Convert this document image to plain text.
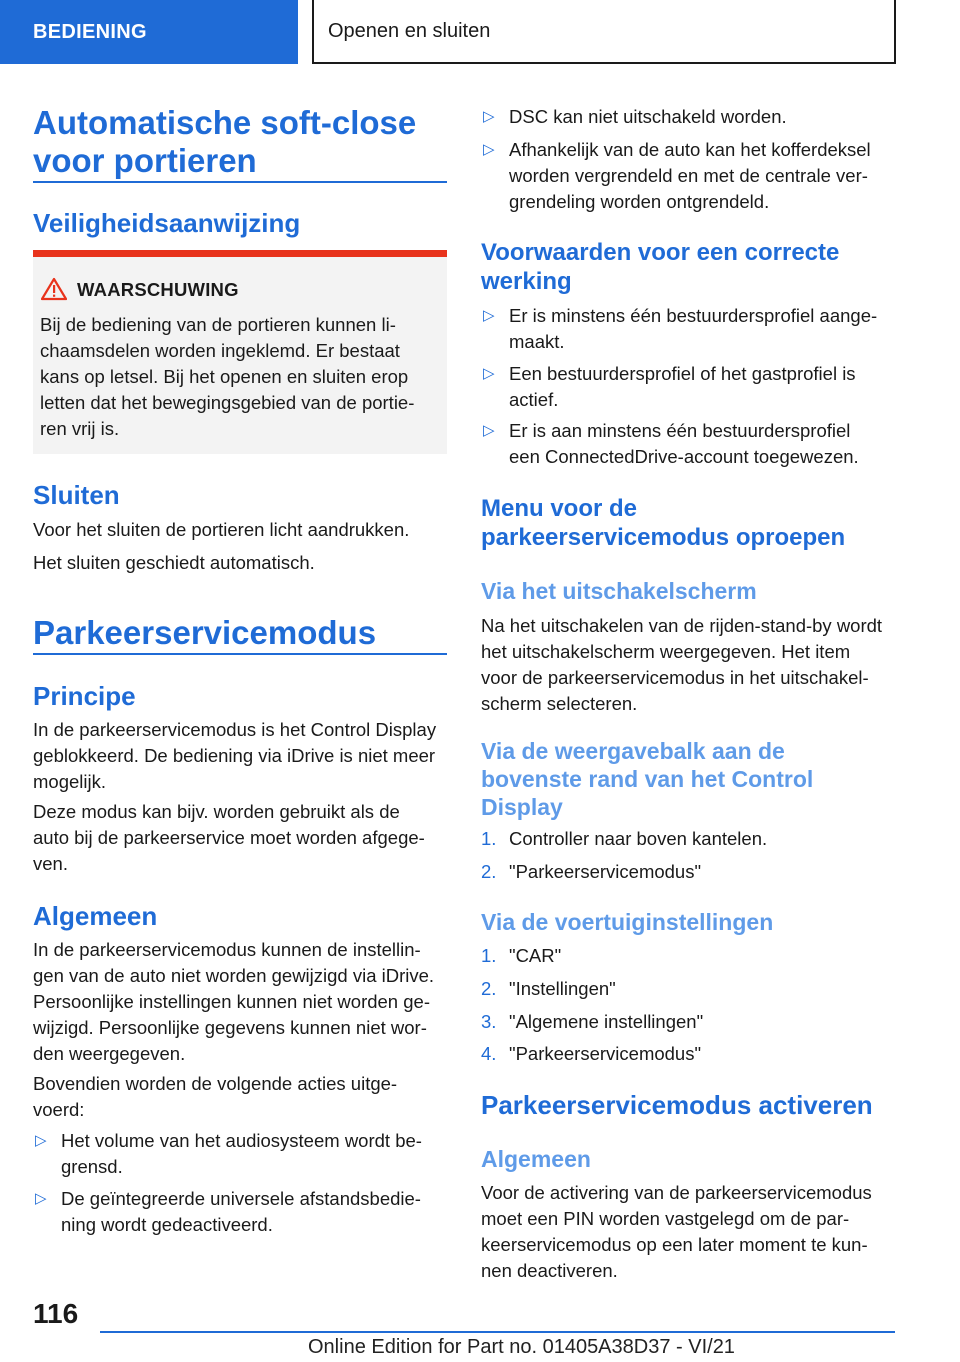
BEDIENING	Openen en sluiten
Automatische soft-close
voor portieren
Veiligheidsaanwijzing
WAARSCHUWING
Bij de bediening van de portieren kunnen li-
chaamsdelen worden ingeklemd. Er bestaat
kans op letsel. Bij het openen en sluiten erop
letten dat het bewegingsgebied van de portie-
ren vrij is.
Sluiten
Voor het sluiten de portieren licht aandrukken.
Het sluiten geschiedt automatisch.
Parkeerservicemodus
Principe
In de parkeerservicemodus is het Control Display
geblokkeerd. De bediening via iDrive is niet meer
mogelijk.
Deze modus kan bijv. worden gebruikt als de
auto bij de parkeerservice moet worden afgege-
ven.
Algemeen
In de parkeerservicemodus kunnen de instellin-
gen van de auto niet worden gewijzigd via iDrive.
Persoonlijke instellingen kunnen niet worden ge-
wijzigd. Persoonlijke gegevens kunnen niet wor-
den weergegeven.
Bovendien worden de volgende acties uitge-
voerd:
▷ Het volume van het audiosysteem wordt be-
grensd.
▷ De geïntegreerde universele afstandsbedie-
ning wordt gedeactiveerd.
▷ DSC kan niet uitschakeld worden.
▷ Afhankelijk van de auto kan het kofferdeksel
worden vergrendeld en met de centrale ver-
grendeling worden ontgrendeld.
Voorwaarden voor een correcte
werking
▷ Er is minstens één bestuurdersprofiel aange-
maakt.
▷ Een bestuurdersprofiel of het gastprofiel is
actief.
▷ Er is aan minstens één bestuurdersprofiel
een ConnectedDrive-account toegewezen.
Menu voor de
parkeerservicemodus oproepen
Via het uitschakelscherm
Na het uitschakelen van de rijden-stand-by wordt
het uitschakelscherm weergegeven. Het item
voor de parkeerservicemodus in het uitschakel-
scherm selecteren.
Via de weergavebalk aan de
bovenste rand van het Control
Display
1. Controller naar boven kantelen.
2. "Parkeerservicemodus"
Via de voertuiginstellingen
1. "CAR"
2. "Instellingen"
3. "Algemene instellingen"
4. "Parkeerservicemodus"
Parkeerservicemodus activeren
Algemeen
Voor de activering van de parkeerservicemodus
moet een PIN worden vastgelegd om de par-
keerservicemodus op een later moment te kun-
nen deactiveren.
116
Online Edition for Part no. 01405A38D37 - VI/21
